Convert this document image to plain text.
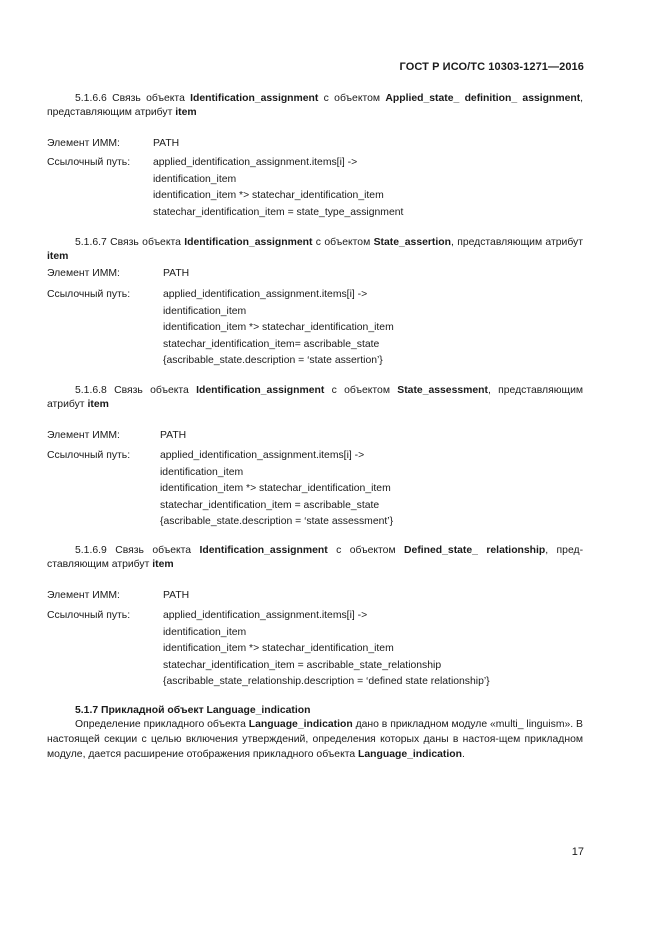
ГОСТ Р ИСО/ТС 10303-1271—2016
5.1.6.6 Связь объекта Identification_assignment с объектом Applied_state_ definition_ assignment, представляющим атрибут item
Элемент ИММ:	PATH
Ссылочный путь: applied_identification_assignment.items[i] ->
identification_item
identification_item *> statechar_identification_item
statechar_identification_item = state_type_assignment
5.1.6.7 Связь объекта Identification_assignment с объектом State_assertion, представляющим атрибут item
Элемент ИММ:	PATH
Ссылочный путь:	applied_identification_assignment.items[i] ->
identification_item
identification_item *> statechar_identification_item
statechar_identification_item= ascribable_state
{ascribable_state.description = ‘state assertion’}
5.1.6.8 Связь объекта Identification_assignment с объектом State_assessment, представляющим атрибут item
Элемент ИММ:	PATH
Ссылочный путь:	applied_identification_assignment.items[i] ->
identification_item
identification_item *> statechar_identification_item
statechar_identification_item = ascribable_state
{ascribable_state.description = ‘state assessment’}
5.1.6.9 Связь объекта Identification_assignment с объектом Defined_state_ relationship, пред-ставляющим атрибут item
Элемент ИММ:	PATH
Ссылочный путь:	applied_identification_assignment.items[i] ->
identification_item
identification_item *> statechar_identification_item
statechar_identification_item = ascribable_state_relationship
{ascribable_state_relationship.description = ‘defined state relationship’}
5.1.7 Прикладной объект Language_indication
Определение прикладного объекта Language_indication дано в прикладном модуле «multi_ linguism». В настоящей секции с целью включения утверждений, определения которых даны в настоя-щем прикладном модуле, дается расширение отображения прикладного объекта Language_indication.
17
